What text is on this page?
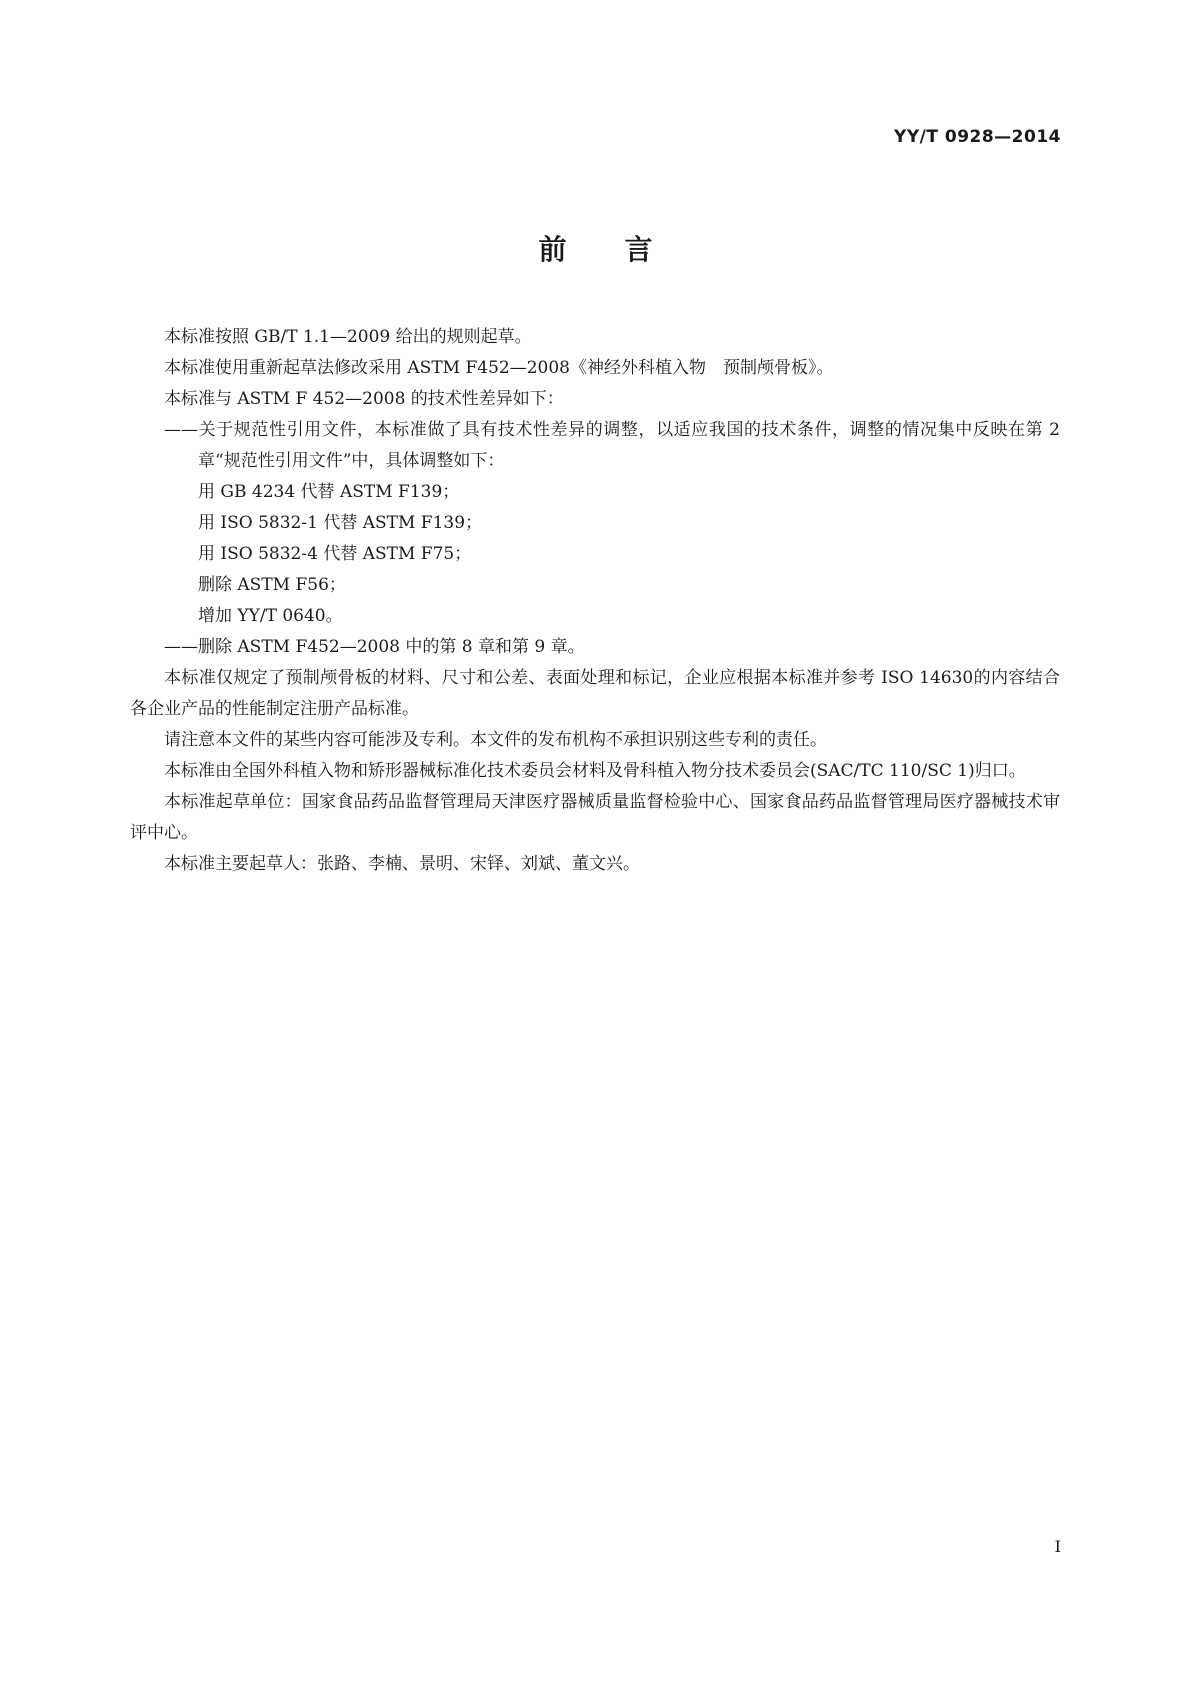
YY/T 0928—2014
前言

本标准按照 GB/T 1.1—2009 给出的规则起草。

本标准使用重新起草法修改采用 ASTM F452—2008《神经外科植入物　预制颅骨板》。

本标准与 ASTM F 452—2008 的技术性差异如下：

——关于规范性引用文件，本标准做了具有技术性差异的调整，以适应我国的技术条件，调整的情况集中反映在第 2 章“规范性引用文件”中，具体调整如下：

用 GB 4234 代替 ASTM F139；

用 ISO 5832-1 代替 ASTM F139；

用 ISO 5832-4 代替 ASTM F75；

删除 ASTM F56；

增加 YY/T 0640。

——删除 ASTM F452—2008 中的第 8 章和第 9 章。

本标准仅规定了预制颅骨板的材料、尺寸和公差、表面处理和标记，企业应根据本标准并参考 ISO 14630的内容结合各企业产品的性能制定注册产品标准。

请注意本文件的某些内容可能涉及专利。本文件的发布机构不承担识别这些专利的责任。

本标准由全国外科植入物和矫形器械标准化技术委员会材料及骨科植入物分技术委员会(SAC/TC 110/SC 1)归口。

本标准起草单位：国家食品药品监督管理局天津医疗器械质量监督检验中心、国家食品药品监督管理局医疗器械技术审评中心。

本标准主要起草人：张路、李楠、景明、宋铎、刘斌、董文兴。

I
